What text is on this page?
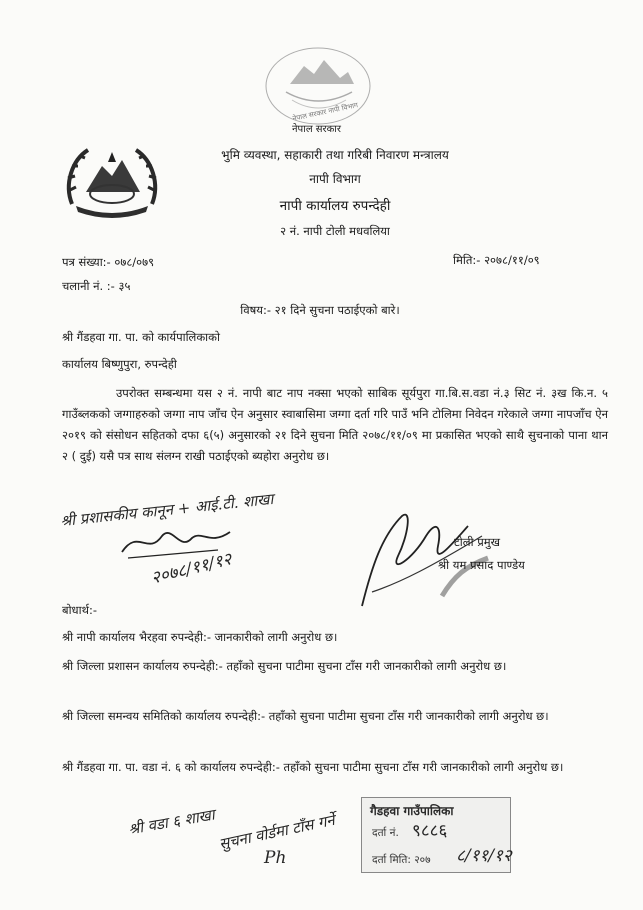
नेपाल सरकार नापी विभाग
नेपाल सरकार
भुमि व्यवस्था, सहाकारी तथा गरिबी निवारण मन्त्रालय
नापी विभाग
नापी कार्यालय रुपन्देही
२ नं. नापी टोली मधवलिया
पत्र संख्या:- ०७८/०७९	मिति:- २०७८/११/०९
चलानी नं. :- ३५
विषय:- २१ दिने सुचना पठाईएको बारे।
श्री गैंडहवा गा. पा. को कार्यपालिकाको
कार्यालय बिष्णुपुरा, रुपन्देही
उपरोक्त सम्बन्धमा यस २ नं. नापी बाट नाप नक्सा भएको साबिक सूर्यपुरा गा.बि.स.वडा नं.३ सिट नं. ३ख कि.न. ५ गाउँब्लकको जग्गाहरुको जग्गा नाप जाँच ऐन अनुसार स्वाबासिमा जग्गा दर्ता गरि पाउँ भनि टोलिमा निवेदन गरेकाले जग्गा नापजाँच ऐन २०१९ को संसोधन सहितको दफा ६(५) अनुसारको २१ दिने सुचना मिति २०७८/११/०९ मा प्रकासित भएको साथै सुचनाको पाना थान २ ( दुई) यसै पत्र साथ संलग्न राखी पठाईएको ब्यहोरा अनुरोध छ।
श्री प्रशासकीय कानून + आई.टी. शाखा
२०७८/११/१२
टोली प्रमुख
श्री यम प्रसाद पाण्डेय
बोधार्थ:-
श्री नापी कार्यालय भैरहवा रुपन्देही:- जानकारीको लागी अनुरोध छ।
श्री जिल्ला प्रशासन कार्यालय रुपन्देही:- तहाँको सुचना पाटीमा सुचना टाँस गरी जानकारीको लागी अनुरोध छ।
श्री जिल्ला समन्वय समितिको कार्यालय रुपन्देही:- तहाँको सुचना पाटीमा सुचना टाँस गरी जानकारीको लागी अनुरोध छ।
श्री गैंडहवा गा. पा. वडा नं. ६ को कार्यालय रुपन्देही:- तहाँको सुचना पाटीमा सुचना टाँस गरी जानकारीको लागी अनुरोध छ।
श्री वडा ६ शाखा सुचना वोर्डमा टाँस गर्ने
Ph
गैडहवा गाउँपालिका
दर्ता नं. ९८८६
दर्ता मिति: २०७ ८/११/१२
